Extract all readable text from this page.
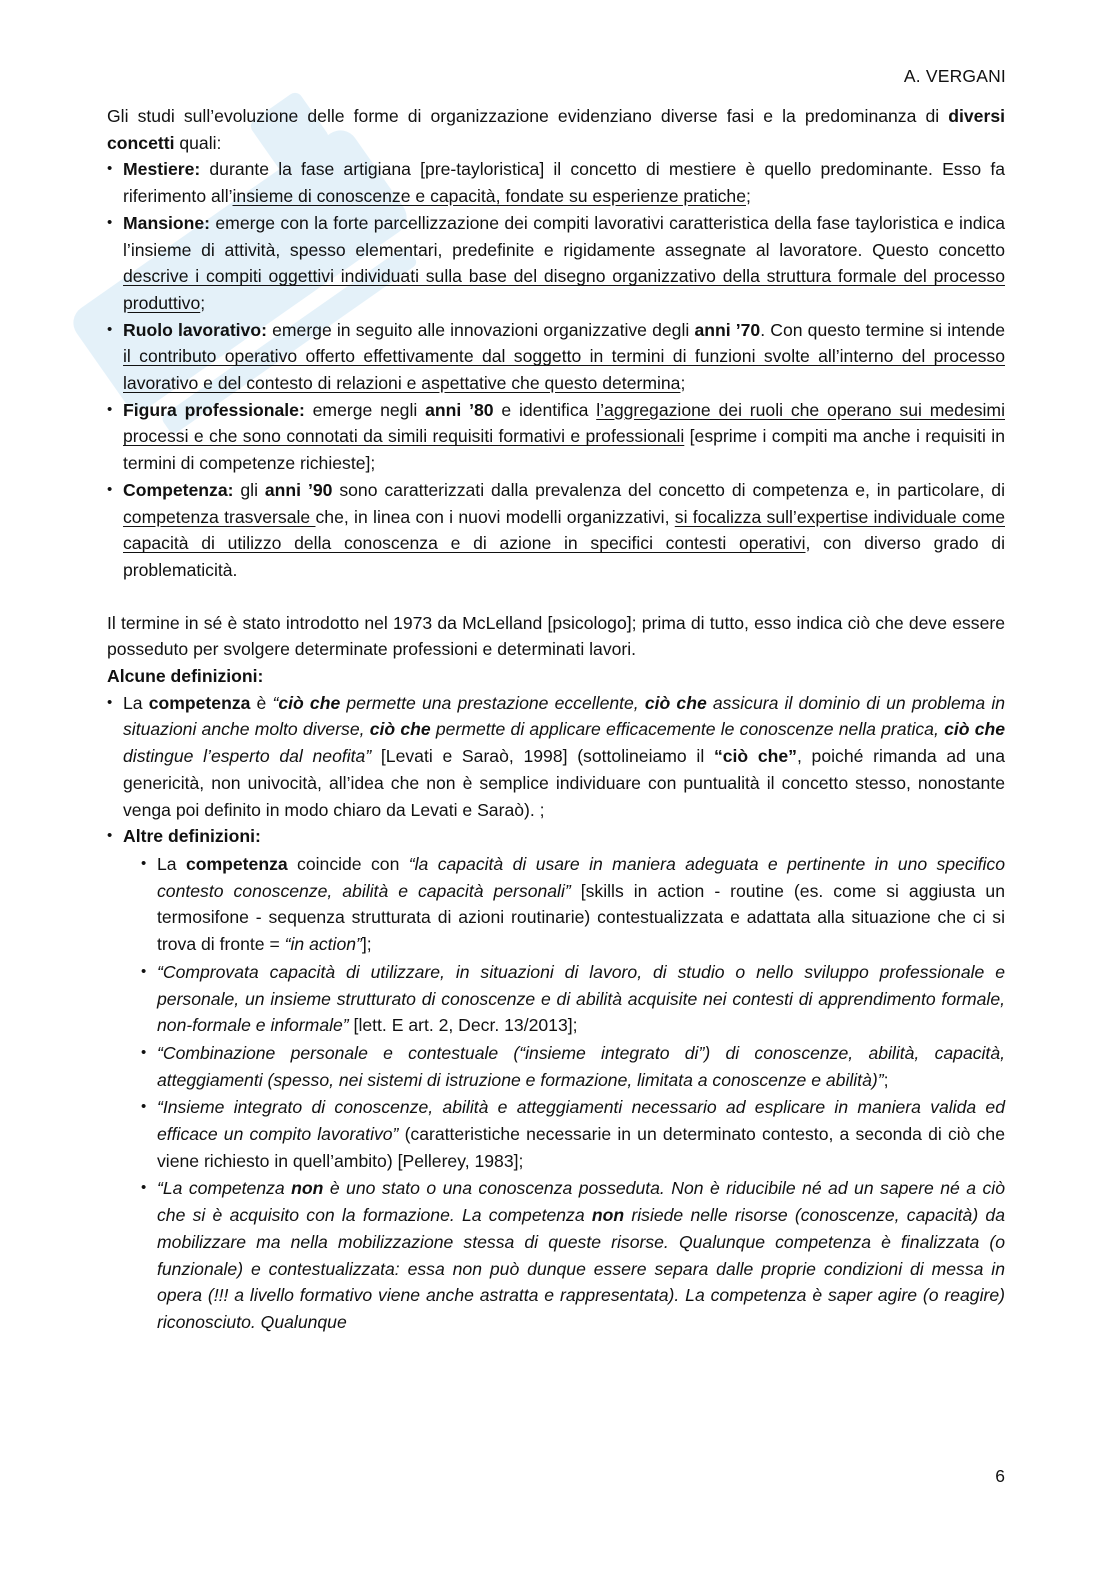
A. VERGANI

Gli studi sull’evoluzione delle forme di organizzazione evidenziano diverse fasi e la predominanza di diversi concetti quali:

• Mestiere: durante la fase artigiana [pre-tayloristica] il concetto di mestiere è quello predominante. Esso fa riferimento all’insieme di conoscenze e capacità, fondate su esperienze pratiche;
• Mansione: emerge con la forte parcellizzazione dei compiti lavorativi caratteristica della fase tayloristica e indica l’insieme di attività, spesso elementari, predefinite e rigidamente assegnate al lavoratore. Questo concetto descrive i compiti oggettivi individuati sulla base del disegno organizzativo della struttura formale del processo produttivo;
• Ruolo lavorativo: emerge in seguito alle innovazioni organizzative degli anni ’70. Con questo termine si intende il contributo operativo offerto effettivamente dal soggetto in termini di funzioni svolte all’interno del processo lavorativo e del contesto di relazioni e aspettative che questo determina;
• Figura professionale: emerge negli anni ’80 e identifica l’aggregazione dei ruoli che operano sui medesimi processi e che sono connotati da simili requisiti formativi e professionali [esprime i compiti ma anche i requisiti in termini di competenze richieste];
• Competenza: gli anni ’90 sono caratterizzati dalla prevalenza del concetto di competenza e, in particolare, di competenza trasversale che, in linea con i nuovi modelli organizzativi, si focalizza sull’expertise individuale come capacità di utilizzo della conoscenza e di azione in specifici contesti operativi, con diverso grado di problematicità.

Il termine in sé è stato introdotto nel 1973 da McLelland [psicologo]; prima di tutto, esso indica ciò che deve essere posseduto per svolgere determinate professioni e determinati lavori.

Alcune definizioni:

• La competenza è “ciò che permette una prestazione eccellente, ciò che assicura il dominio di un problema in situazioni anche molto diverse, ciò che permette di applicare efficacemente le conoscenze nella pratica, ciò che distingue l’esperto dal neofita” [Levati e Saraò, 1998] (sottolineiamo il “ciò che”, poiché rimanda ad una genericità, non univocità, all’idea che non è semplice individuare con puntualità il concetto stesso, nonostante venga poi definito in modo chiaro da Levati e Saraò). ;
• Altre definizioni:
• La competenza coincide con “la capacità di usare in maniera adeguata e pertinente in uno specifico contesto conoscenze, abilità e capacità personali” [skills in action - routine (es. come si aggiusta un termosifone - sequenza strutturata di azioni routinarie) contestualizzata e adattata alla situazione che ci si trova di fronte = “in action”];
• “Comprovata capacità di utilizzare, in situazioni di lavoro, di studio o nello sviluppo professionale e personale, un insieme strutturato di conoscenze e di abilità acquisite nei contesti di apprendimento formale, non-formale e informale” [lett. E art. 2, Decr. 13/2013];
• “Combinazione personale e contestuale (“insieme integrato di”) di conoscenze, abilità, capacità, atteggiamenti (spesso, nei sistemi di istruzione e formazione, limitata a conoscenze e abilità)”;
• “Insieme integrato di conoscenze, abilità e atteggiamenti necessario ad esplicare in maniera valida ed efficace un compito lavorativo” (caratteristiche necessarie in un determinato contesto, a seconda di ciò che viene richiesto in quell’ambito) [Pellerey, 1983];
• “La competenza non è uno stato o una conoscenza posseduta. Non è riducibile né ad un sapere né a ciò che si è acquisito con la formazione. La competenza non risiede nelle risorse (conoscenze, capacità) da mobilizzare ma nella mobilizzazione stessa di queste risorse. Qualunque competenza è finalizzata (o funzionale) e contestualizzata: essa non può dunque essere separa dalle proprie condizioni di messa in opera (!!! a livello formativo viene anche astratta e rappresentata). La competenza è saper agire (o reagire) riconosciuto. Qualunque
6
